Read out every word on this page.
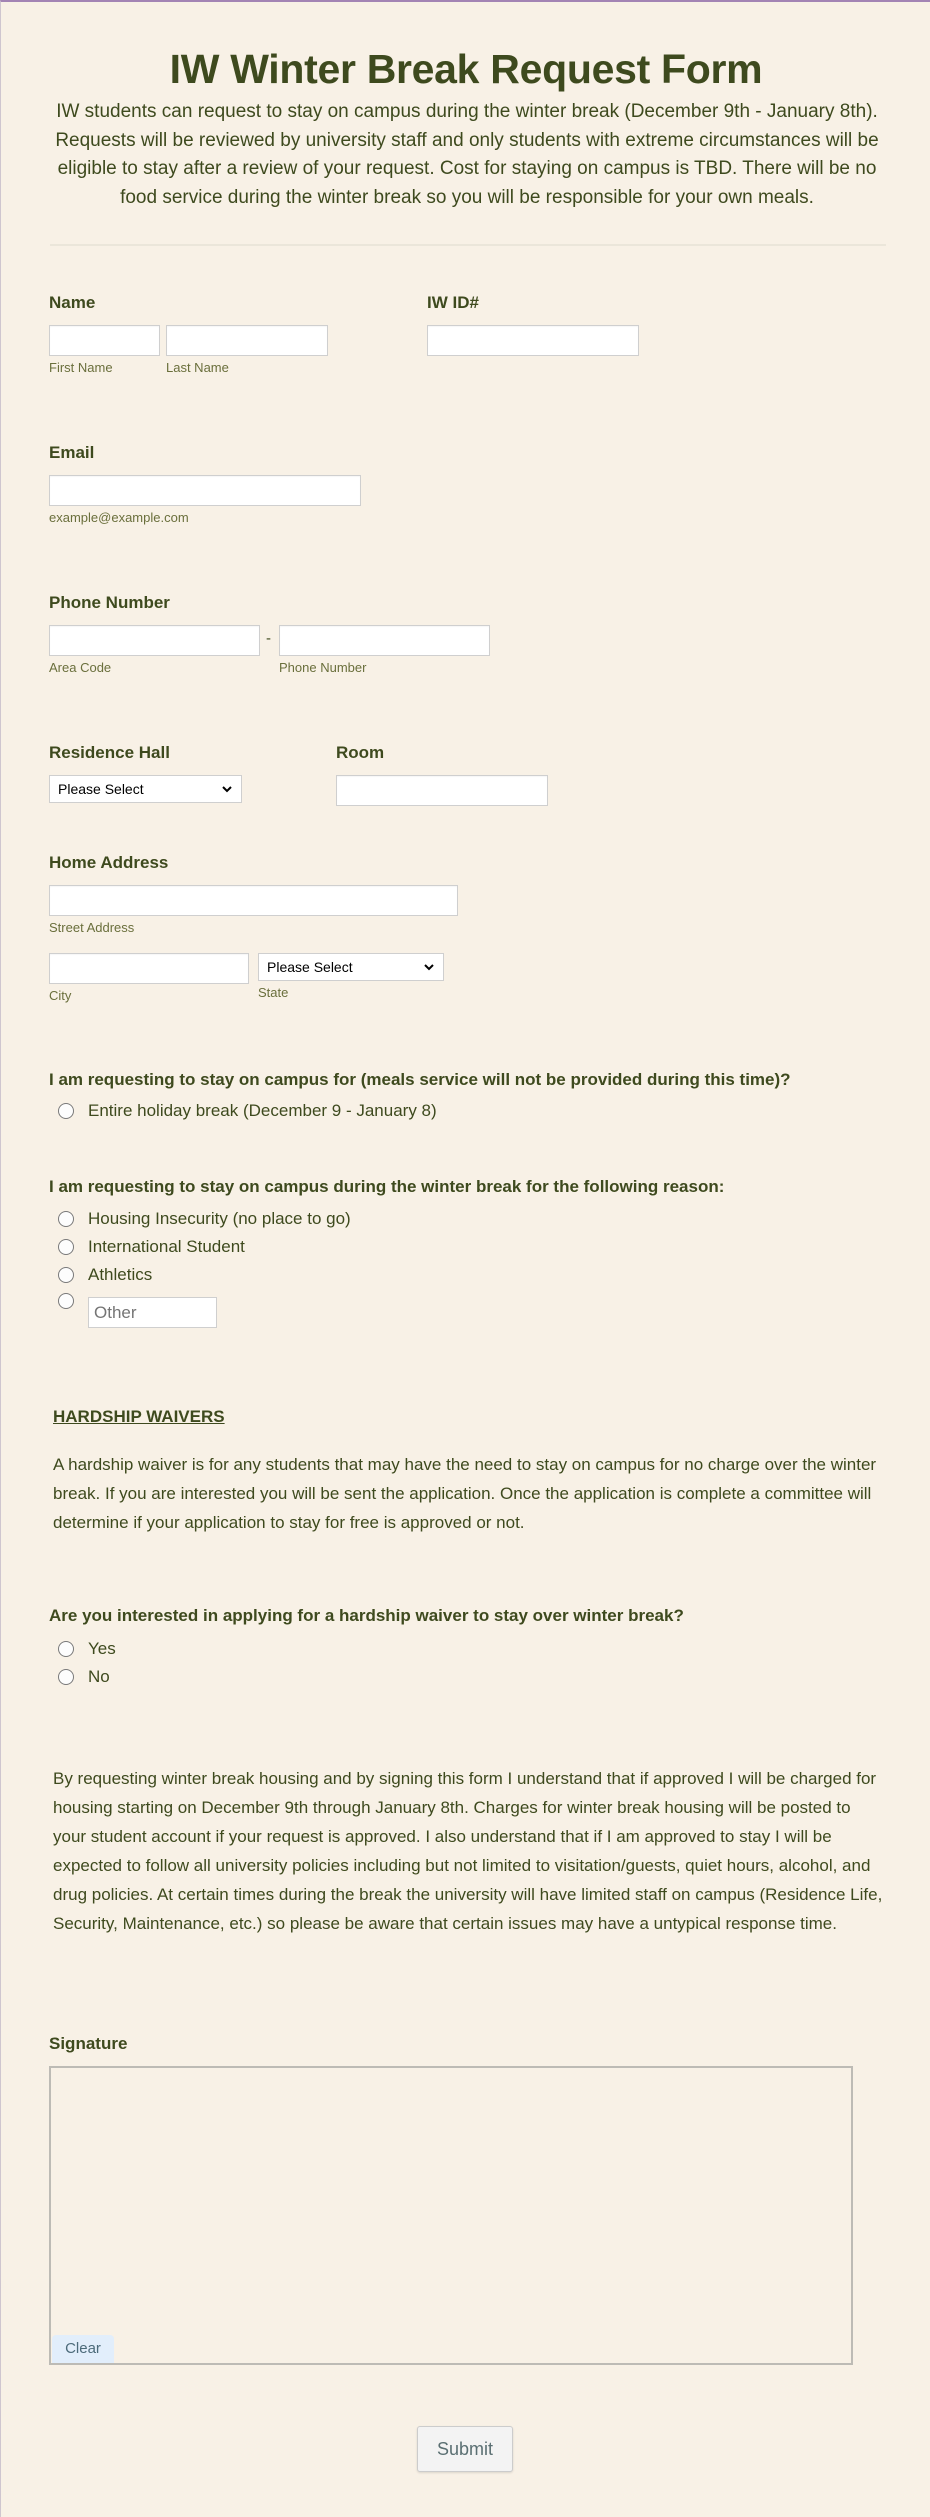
IW Winter Break Request Form
IW students can request to stay on campus during the winter break (December 9th - January 8th). Requests will be reviewed by university staff and only students with extreme circumstances will be eligible to stay after a review of your request. Cost for staying on campus is TBD. There will be no food service during the winter break so you will be responsible for your own meals.
Name
First Name	Last Name
IW ID#
Email
example@example.com
Phone Number
-
Area Code	Phone Number
Residence Hall
Please Select
Room
Home Address
Street Address
City
Please Select
State
I am requesting to stay on campus for (meals service will not be provided during this time)?
Entire holiday break (December 9 - January 8)
I am requesting to stay on campus during the winter break for the following reason:
Housing Insecurity (no place to go)
International Student
Athletics
Other
HARDSHIP WAIVERS
A hardship waiver is for any students that may have the need to stay on campus for no charge over the winter break. If you are interested you will be sent the application. Once the application is complete a committee will determine if your application to stay for free is approved or not.
Are you interested in applying for a hardship waiver to stay over winter break?
Yes
No
By requesting winter break housing and by signing this form I understand that if approved I will be charged for housing starting on December 9th through January 8th. Charges for winter break housing will be posted to your student account if your request is approved. I also understand that if I am approved to stay I will be expected to follow all university policies including but not limited to visitation/guests, quiet hours, alcohol, and drug policies. At certain times during the break the university will have limited staff on campus (Residence Life, Security, Maintenance, etc.) so please be aware that certain issues may have a untypical response time.
Signature
Clear
Submit
